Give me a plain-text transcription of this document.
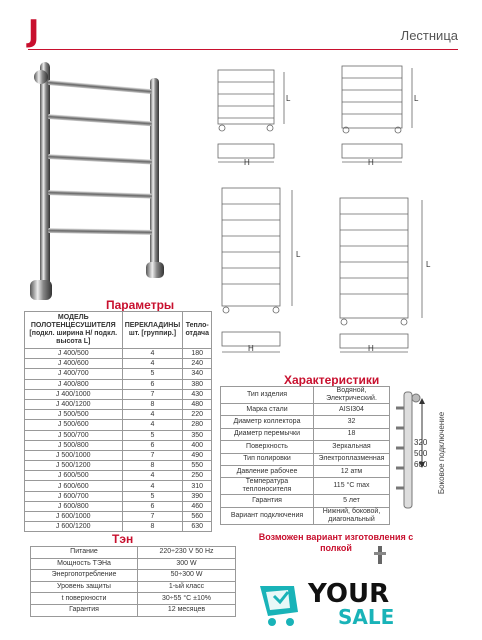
J	Лестница
H	H
L	L
H	H
L
L
Параметры
МОДЕЛЬ ПОЛОТЕНЦЕСУШИТЕЛЯ [подкл. ширина H/ подкл. высота L]	ПЕРЕКЛАДИНЫ шт. [группир.]	Тепло-отдача
J 400/500	4	180
J 400/600	4	240
J 400/700	5	340
J 400/800	6	380
J 400/1000	7	430
J 400/1200	8	480
J 500/500	4	220
J 500/600	4	280
J 500/700	5	350
J 500/800	6	400
J 500/1000	7	490
J 500/1200	8	550
J 600/500	4	250
J 600/600	4	310
J 600/700	5	390
J 600/800	6	460
J 600/1000	7	560
J 600/1200	8	630
Характеристики
Тип изделия	Водяной, Электрический.
Марка стали	AISI304
Диаметр коллектора	32
Диаметр перемычки	18
Поверхность	Зеркальная
Тип полировки	Электроплазменная
Давление рабочее	12 атм
Температура теплоносителя	115 °C max
Гарантия	5 лет
Вариант подключения	Нижний, боковой, диагональный
320
500
600 Боковое подключение
Тэн
Питание	220÷230 V 50 Hz
Мощность ТЭНа	300 W
Энергопотребление	50÷300 W
Уровень защиты	1-ый класс
t поверхности	30÷55 °C ±10%
Гарантия	12 месяцев
Возможен вариант изготовления с полкой
YOUR
SALE
